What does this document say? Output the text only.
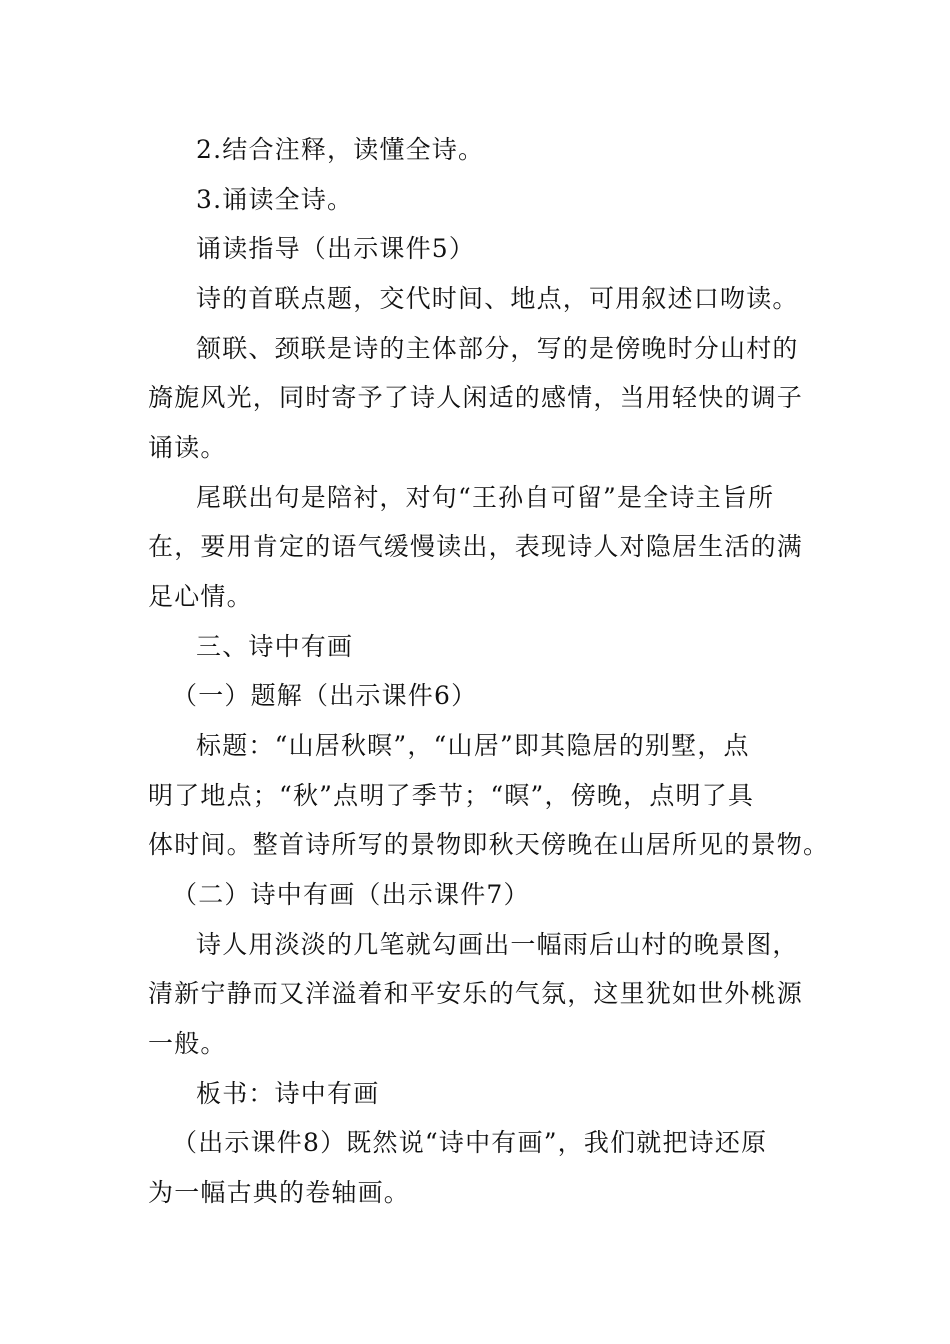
2.结合注释，读懂全诗。
3.诵读全诗。
诵读指导（出示课件5）
诗的首联点题，交代时间、地点，可用叙述口吻读。
颔联、颈联是诗的主体部分，写的是傍晚时分山村的
旖旎风光，同时寄予了诗人闲适的感情，当用轻快的调子
诵读。
尾联出句是陪衬，对句“王孙自可留”是全诗主旨所
在，要用肯定的语气缓慢读出，表现诗人对隐居生活的满
足心情。
三、诗中有画
（一）题解（出示课件6）
标题：“山居秋暝”，“山居”即其隐居的别墅，点
明了地点；“秋”点明了季节；“暝”，傍晚，点明了具
体时间。整首诗所写的景物即秋天傍晚在山居所见的景物。
（二）诗中有画（出示课件7）
诗人用淡淡的几笔就勾画出一幅雨后山村的晚景图，
清新宁静而又洋溢着和平安乐的气氛，这里犹如世外桃源
一般。
板书：诗中有画
（出示课件8）既然说“诗中有画”，我们就把诗还原
为一幅古典的卷轴画。
